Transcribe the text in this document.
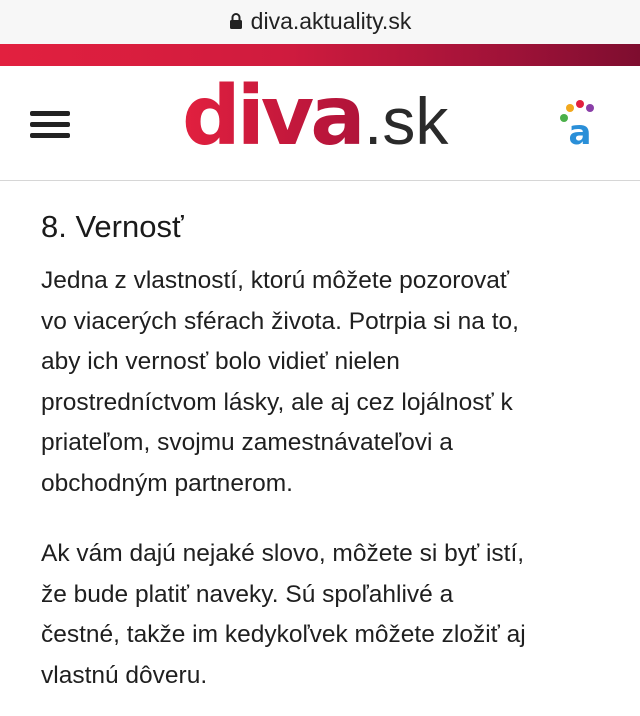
diva.aktuality.sk
diva .sk	a
8. Vernosť

Jedna z vlastností, ktorú môžete pozorovať
vo viacerých sférach života. Potrpia si na to,
aby ich vernosť bolo vidieť nielen
prostredníctvom lásky, ale aj cez lojálnosť k
priateľom, svojmu zamestnávateľovi a
obchodným partnerom.

Ak vám dajú nejaké slovo, môžete si byť istí,
že bude platiť naveky. Sú spoľahlivé a
čestné, takže im kedykoľvek môžete zložiť aj
vlastnú dôveru.
